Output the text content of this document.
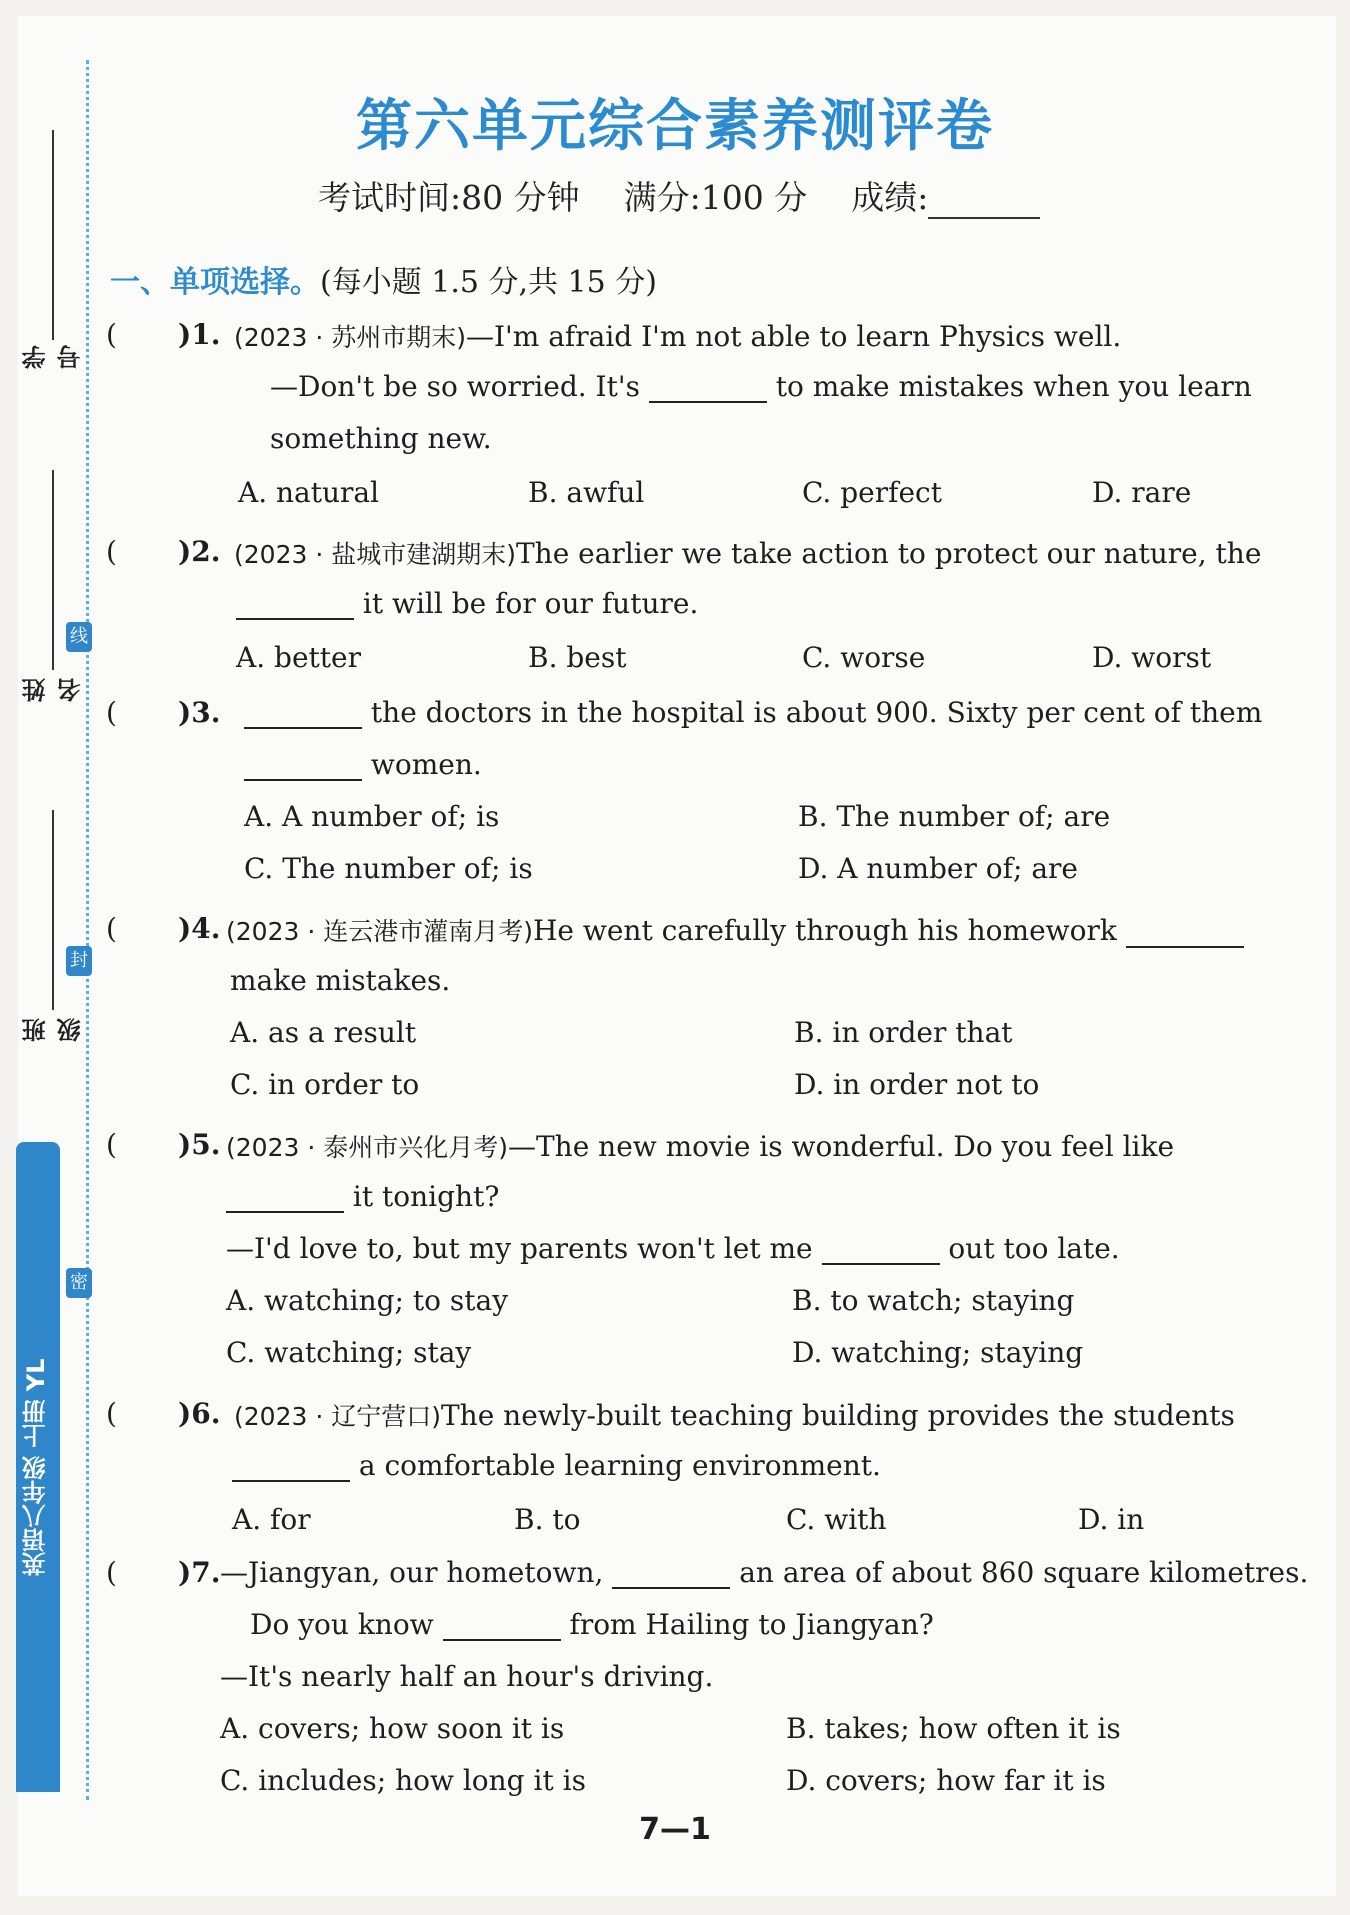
学号
姓名
班级
线
封
密
英语八年级 上册 YL
第六单元综合素养测评卷
考试时间:80 分钟 满分:100 分 成绩:
一、单项选择。(每小题 1.5 分,共 15 分)
( )1. (2023 · 苏州市期末)—I'm afraid I'm not able to learn Physics well.
—Don't be so worried. It's	to make mistakes when you learn
something new.
A. natural	B. awful	C. perfect	D. rare
( )2. (2023 · 盐城市建湖期末)The earlier we take action to protect our nature, the
it will be for our future.
A. better	B. best	C. worse	D. worst
( )3.	the doctors in the hospital is about 900. Sixty per cent of them
women.
A. A number of; is	B. The number of; are
C. The number of; is	D. A number of; are
( )4. (2023 · 连云港市灌南月考)He went carefully through his homework
make mistakes.
A. as a result	B. in order that
C. in order to	D. in order not to
( )5. (2023 · 泰州市兴化月考)—The new movie is wonderful. Do you feel like
it tonight?
—I'd love to, but my parents won't let me	out too late.
A. watching; to stay	B. to watch; staying
C. watching; stay	D. watching; staying
( )6. (2023 · 辽宁营口)The newly-built teaching building provides the students
a comfortable learning environment.
A. for	B. to	C. with	D. in
( )7. —Jiangyan, our hometown,	an area of about 860 square kilometres.
Do you know	from Hailing to Jiangyan?
—It's nearly half an hour's driving.
A. covers; how soon it is	B. takes; how often it is
C. includes; how long it is	D. covers; how far it is
7—1
